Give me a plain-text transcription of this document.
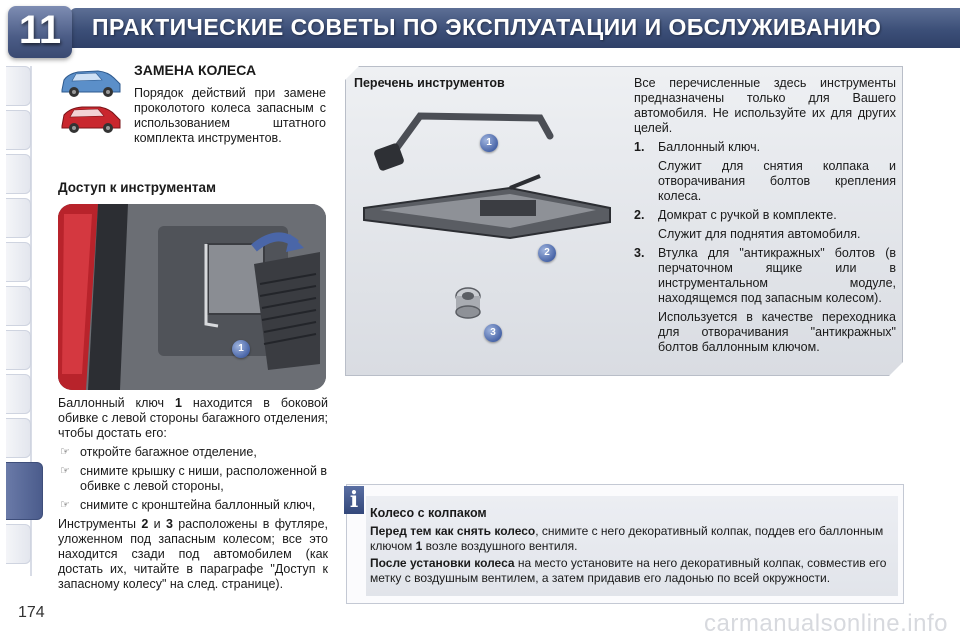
11	ПРАКТИЧЕСКИЕ СОВЕТЫ ПО ЭКСПЛУАТАЦИИ И ОБСЛУЖИВАНИЮ
174
ЗАМЕНА КОЛЕСА
Порядок действий при замене проколотого колеса запасным с использованием штатного комплекта инструментов.
Доступ к инструментам
1

Баллонный ключ 1 находится в боковой обивке с левой стороны багажного отделения; чтобы достать его:

☞ откройте багажное отделение,
☞ снимите крышку с ниши, расположенной в обивке с левой стороны,
☞ снимите с кронштейна баллонный ключ,

Инструменты 2 и 3 расположены в футляре, уложенном под запасным колесом; все это находится сзади под автомобилем (как достать их, читайте в параграфе "Доступ к запасному колесу" на след. странице).

Перечень инструментов
1
2
3

Все перечисленные здесь инструменты предназначены только для Вашего автомобиля. Не используйте их для других целей.

1. Баллонный ключ.
Служит для снятия колпака и отворачивания болтов крепления колеса.
2. Домкрат с ручкой в комплекте.
Служит для поднятия автомобиля.
3. Втулка для "антикражных" болтов (в перчаточном ящике или в инструментальном модуле, находящемся под запасным колесом).
Используется в качестве переходника для отворачивания "антикражных" болтов баллонным ключом.
i Колесо с колпаком

Перед тем как снять колесо, снимите с него декоративный колпак, поддев его баллонным ключом 1 возле воздушного вентиля.

После установки колеса на место установите на него декоративный колпак, совместив его метку с воздушным вентилем, а затем придавив его ладонью по всей окружности.

carmanualsonline.info
